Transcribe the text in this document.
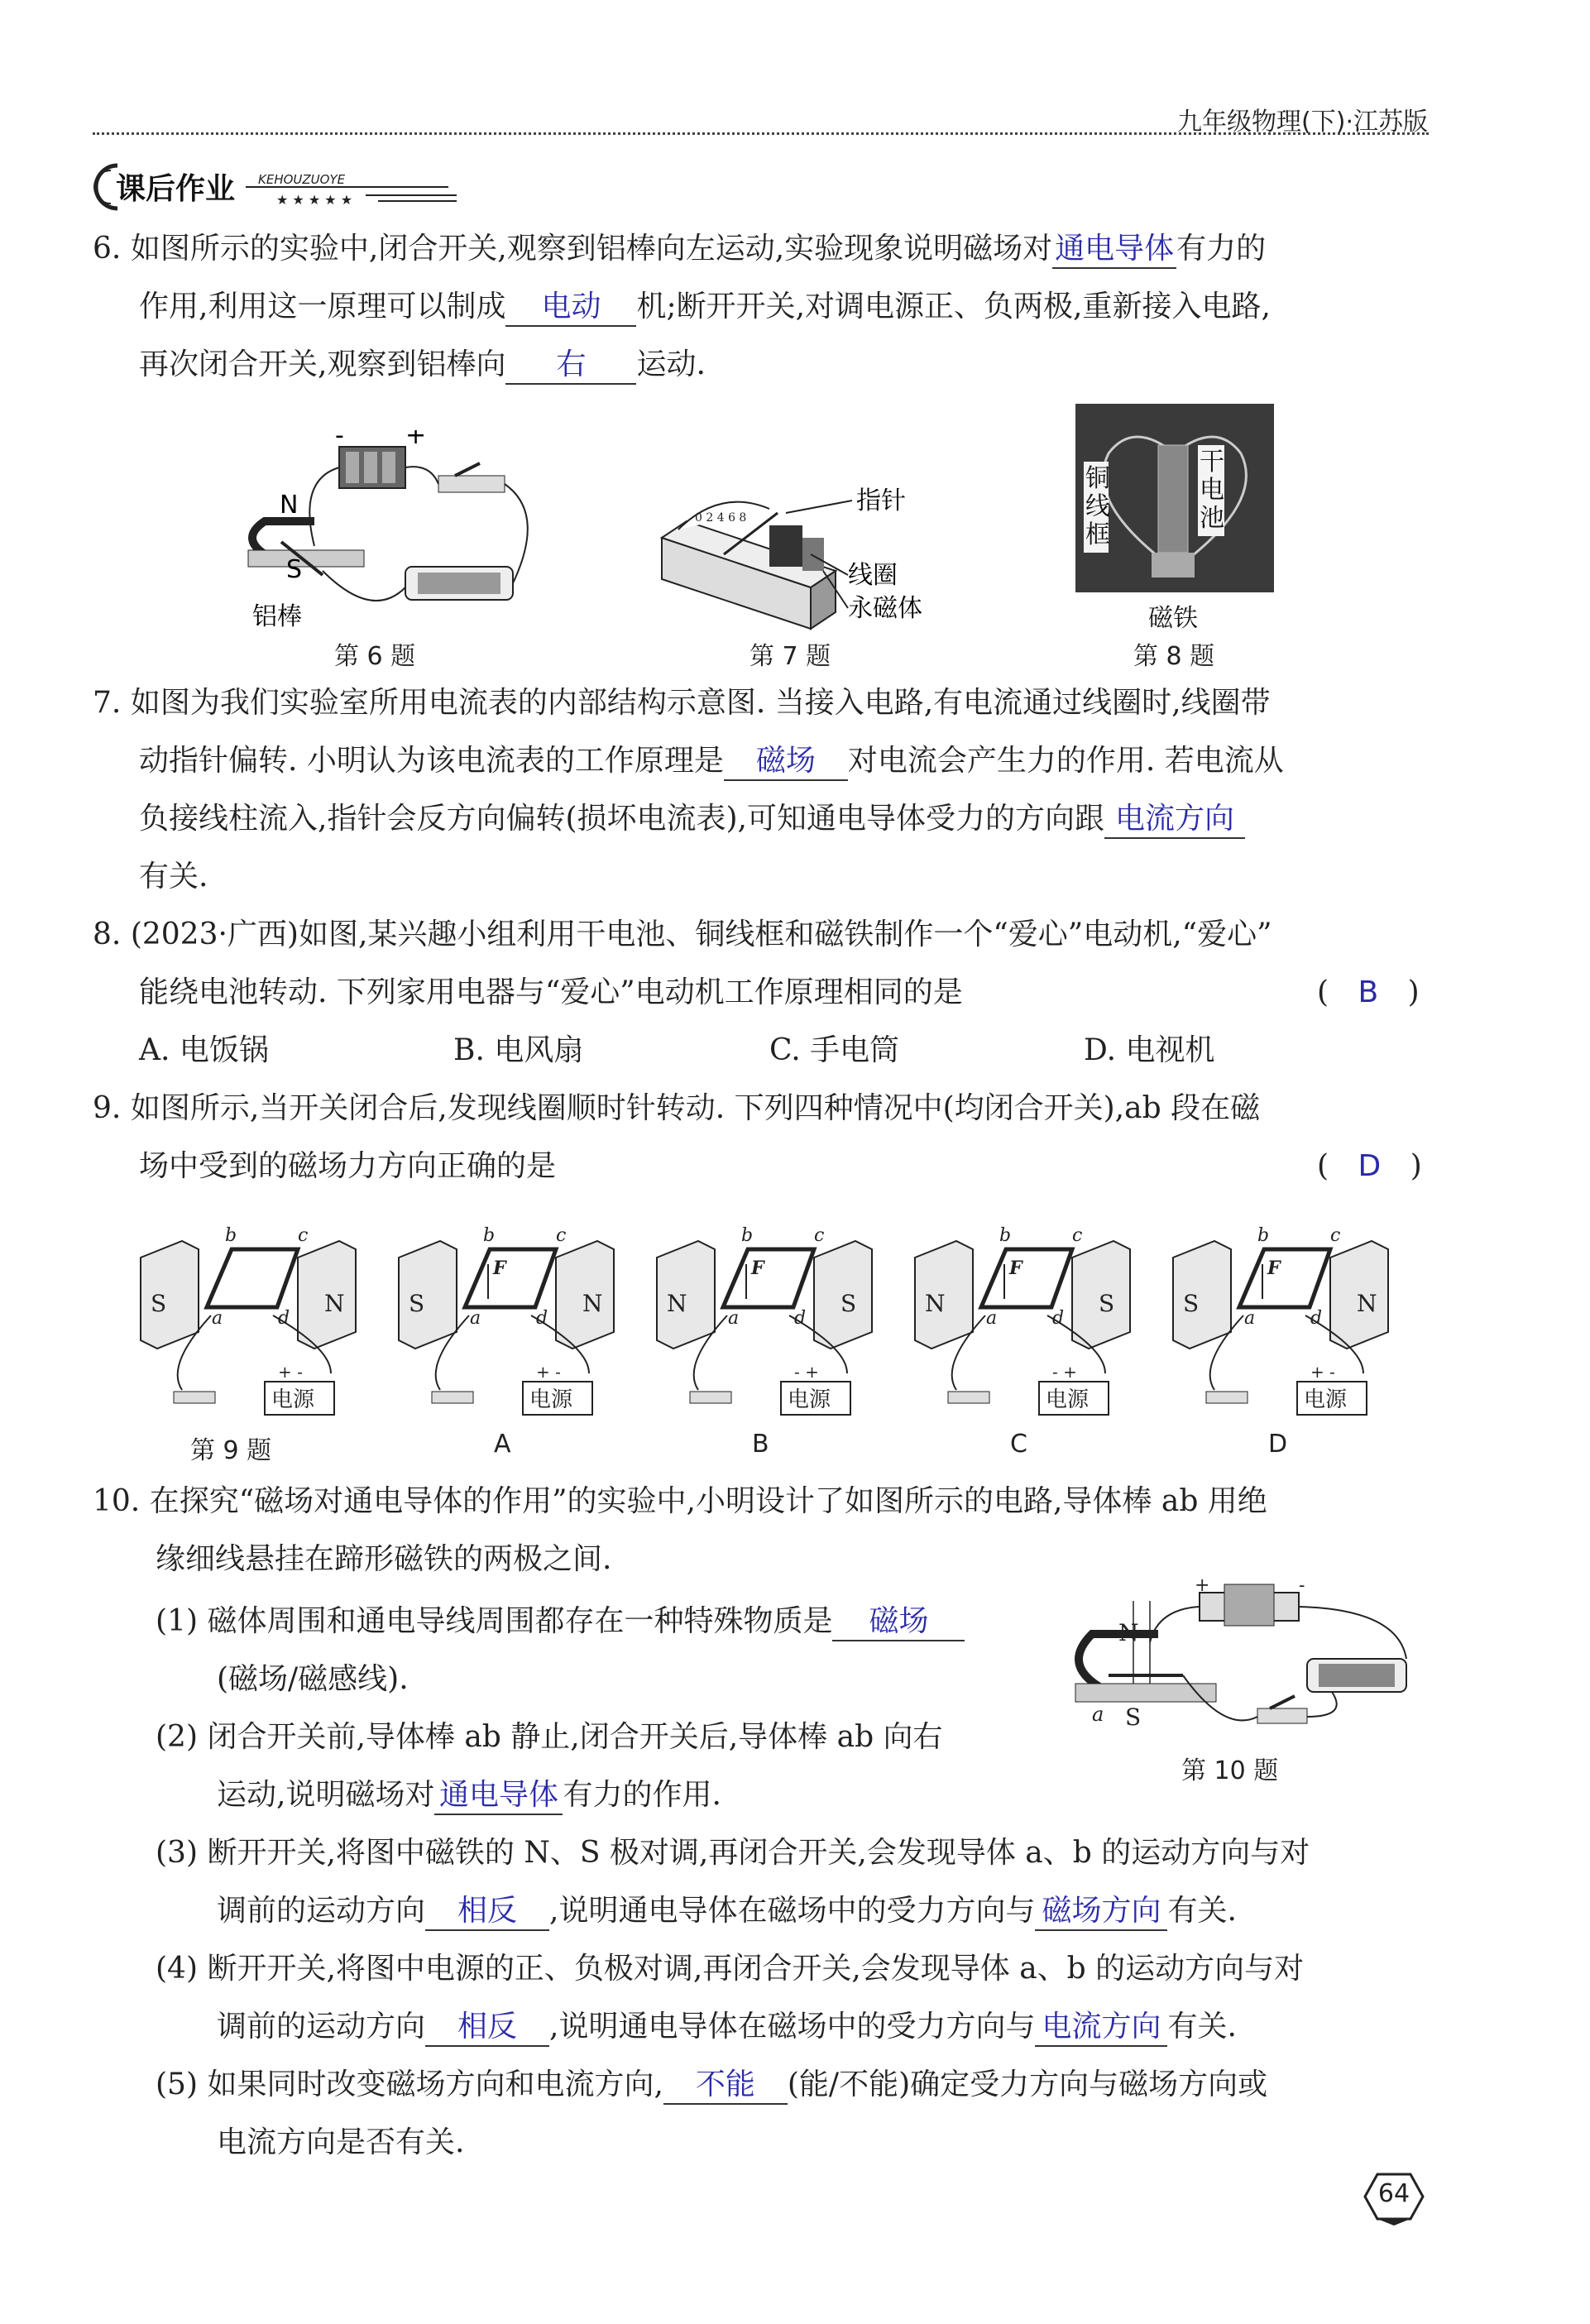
九年级物理(下)·江苏版
课后作业 KEHOUZUOYE
★ ★ ★ ★ ★
6. 如图所示的实验中,闭合开关,观察到铝棒向左运动,实验现象说明磁场对通电导体有力的
作用,利用这一原理可以制成 电动 机;断开开关,对调电源正、负两极,重新接入电路,
再次闭合开关,观察到铝棒向 右 运动.
- +
N
S
铝棒
第 6 题
0 2 4 6 8
指针
线圈
永磁体
第 7 题
铜线框
干电池
磁铁
第 8 题
7. 如图为我们实验室所用电流表的内部结构示意图. 当接入电路,有电流通过线圈时,线圈带
动指针偏转. 小明认为该电流表的工作原理是 磁场 对电流会产生力的作用. 若电流从
负接线柱流入,指针会反方向偏转(损坏电流表),可知通电导体受力的方向跟 电流方向
有关.
8. (2023·广西)如图,某兴趣小组利用干电池、铜线框和磁铁制作一个“爱心”电动机,“爱心”
能绕电池转动. 下列家用电器与“爱心”电动机工作原理相同的是	( B )
A. 电饭锅	B. 电风扇	C. 手电筒	D. 电视机
9. 如图所示,当开关闭合后,发现线圈顺时针转动. 下列四种情况中(均闭合开关),ab 段在磁
场中受到的磁场力方向正确的是	( D )
S	N
a
b	c
d
电源
+ -
第 9 题
S	N
a
b	c
d
F
电源
+ -
A
N	S
a
b	c
d
F
电源
- +
B
N	S
a
b	c
d
F
电源
- +
C
S	N
a
b	c
d
F
电源
+ -
D
10. 在探究“磁场对通电导体的作用”的实验中,小明设计了如图所示的电路,导体棒 ab 用绝
缘细线悬挂在蹄形磁铁的两极之间.
(1) 磁体周围和通电导线周围都存在一种特殊物质是 磁场
(磁场/磁感线).
(2) 闭合开关前,导体棒 ab 静止,闭合开关后,导体棒 ab 向右
运动,说明磁场对 通电导体 有力的作用.
+	-
N
S
a
第 10 题
(3) 断开开关,将图中磁铁的 N、S 极对调,再闭合开关,会发现导体 a、b 的运动方向与对
调前的运动方向 相反 ,说明通电导体在磁场中的受力方向与 磁场方向 有关.
(4) 断开开关,将图中电源的正、负极对调,再闭合开关,会发现导体 a、b 的运动方向与对
调前的运动方向 相反 ,说明通电导体在磁场中的受力方向与 电流方向 有关.
(5) 如果同时改变磁场方向和电流方向, 不能 (能/不能)确定受力方向与磁场方向或
电流方向是否有关.
64
